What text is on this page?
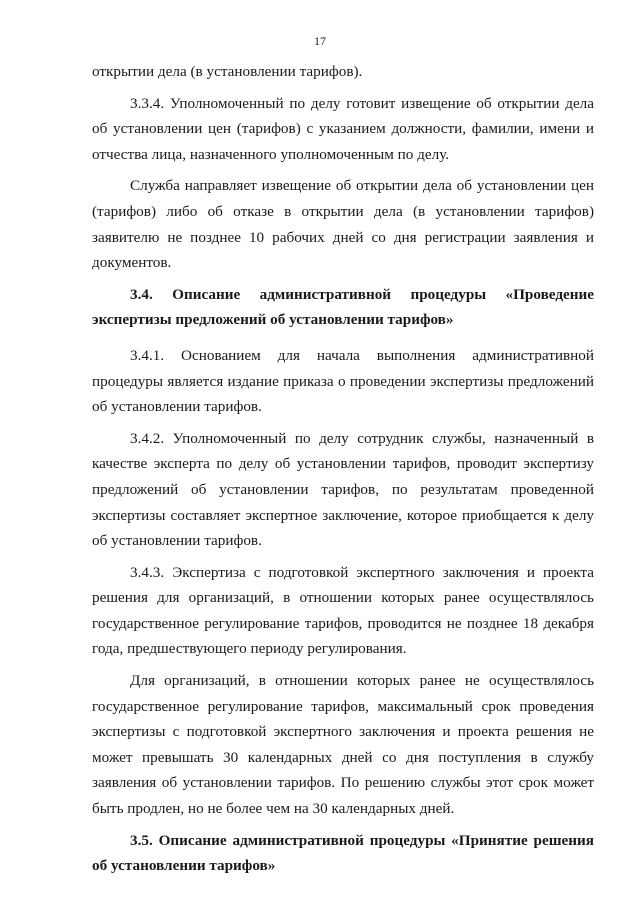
17

открытии дела (в установлении тарифов).

3.3.4. Уполномоченный по делу готовит извещение об открытии дела об установлении цен (тарифов) с указанием должности, фамилии, имени и отчества лица, назначенного уполномоченным по делу.

Служба направляет извещение об открытии дела об установлении цен (тарифов) либо об отказе в открытии дела (в установлении тарифов) заявителю не позднее 10 рабочих дней со дня регистрации заявления и документов.

3.4. Описание административной процедуры «Проведение экспертизы предложений об установлении тарифов»

3.4.1. Основанием для начала выполнения административной процедуры является издание приказа о проведении экспертизы предложений об установлении тарифов.

3.4.2. Уполномоченный по делу сотрудник службы, назначенный в качестве эксперта по делу об установлении тарифов, проводит экспертизу предложений об установлении тарифов, по результатам проведенной экспертизы составляет экспертное заключение, которое приобщается к делу об установлении тарифов.

3.4.3. Экспертиза с подготовкой экспертного заключения и проекта решения для организаций, в отношении которых ранее осуществлялось государственное регулирование тарифов, проводится не позднее 18 декабря года, предшествующего периоду регулирования.

Для организаций, в отношении которых ранее не осуществлялось государственное регулирование тарифов, максимальный срок проведения экспертизы с подготовкой экспертного заключения и проекта решения не может превышать 30 календарных дней со дня поступления в службу заявления об установлении тарифов. По решению службы этот срок может быть продлен, но не более чем на 30 календарных дней.

3.5. Описание административной процедуры «Принятие решения об установлении тарифов»
